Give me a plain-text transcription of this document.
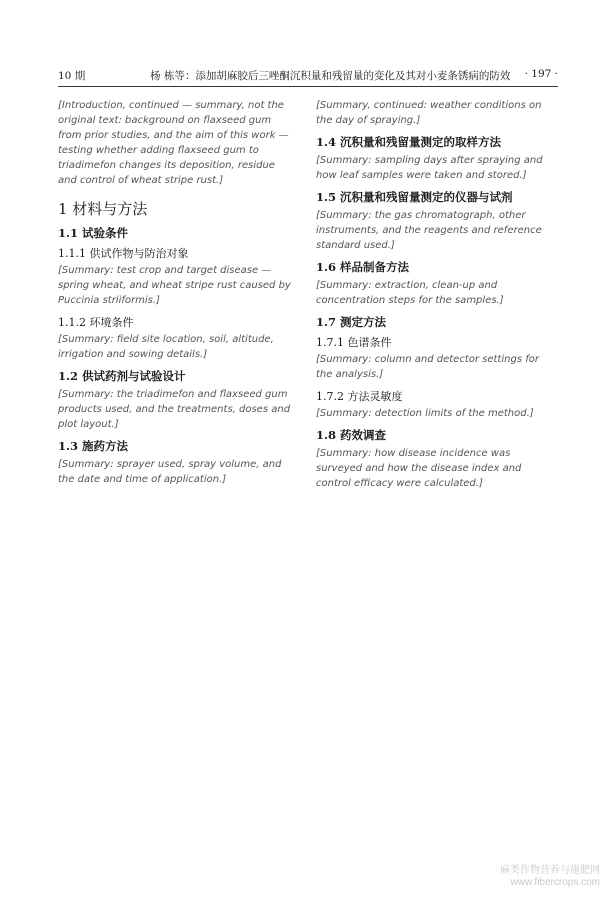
10 期	杨 栋等：添加胡麻胶后三唑酮沉积量和残留量的变化及其对小麦条锈病的防效 · 197 ·
[Introduction, continued — summary, not the original text: background on flaxseed gum from prior studies, and the aim of this work — testing whether adding flaxseed gum to triadimefon changes its deposition, residue and control of wheat stripe rust.]
1 材料与方法
1.1 试验条件
1.1.1 供试作物与防治对象
[Summary: test crop and target disease — spring wheat, and wheat stripe rust caused by Puccinia striiformis.]
1.1.2 环境条件
[Summary: field site location, soil, altitude, irrigation and sowing details.]
1.2 供试药剂与试验设计
[Summary: the triadimefon and flaxseed gum products used, and the treatments, doses and plot layout.]
1.3 施药方法
[Summary: sprayer used, spray volume, and the date and time of application.]
[Summary, continued: weather conditions on the day of spraying.]
1.4 沉积量和残留量测定的取样方法
[Summary: sampling days after spraying and how leaf samples were taken and stored.]
1.5 沉积量和残留量测定的仪器与试剂
[Summary: the gas chromatograph, other instruments, and the reagents and reference standard used.]
1.6 样品制备方法
[Summary: extraction, clean-up and concentration steps for the samples.]
1.7 测定方法
1.7.1 色谱条件
[Summary: column and detector settings for the analysis.]
1.7.2 方法灵敏度
[Summary: detection limits of the method.]
1.8 药效调查
[Summary: how disease incidence was surveyed and how the disease index and control efficacy were calculated.]
麻类作物营养与施肥网
www.fibercrops.com
